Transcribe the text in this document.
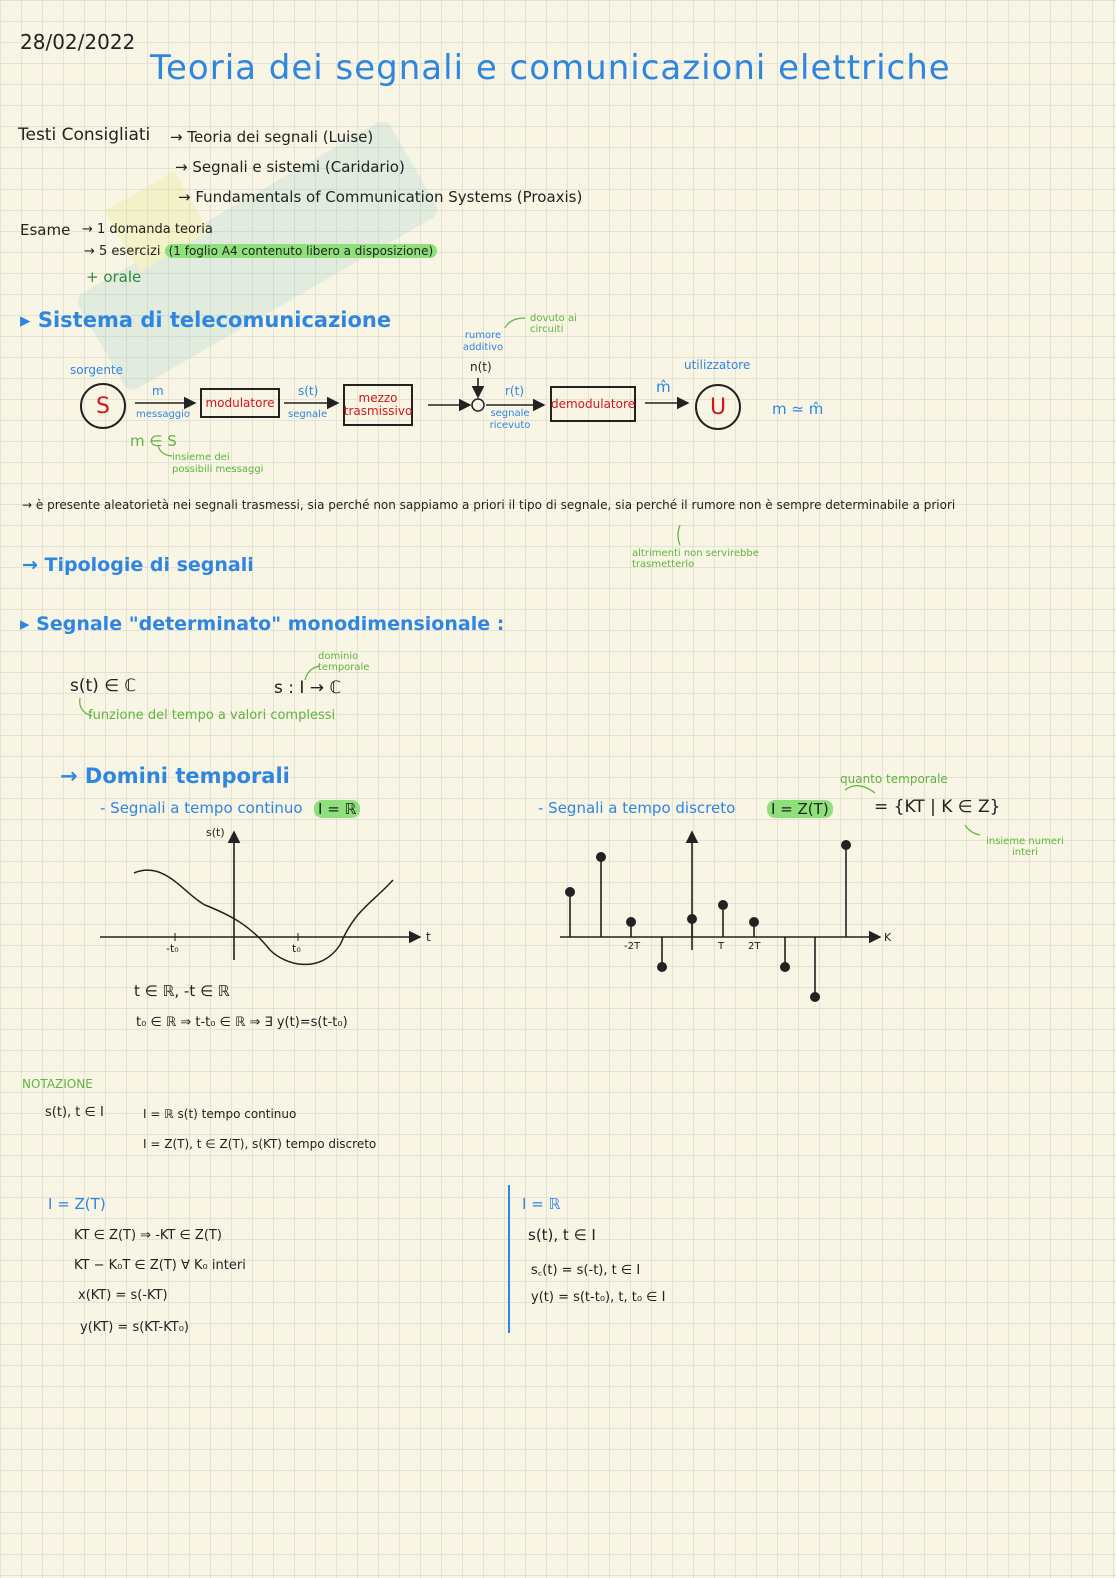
28/02/2022
Teoria dei segnali e comunicazioni elettriche
Testi Consigliati → Teoria dei segnali (Luise)
→ Segnali e sistemi (Caridario)
→ Fundamentals of Communication Systems (Proaxis)
Esame → 1 domanda teoria
→ 5 esercizi (1 foglio A4 contenuto libero a disposizione)
+ orale
▸ Sistema di telecomunicazione
sorgente
S
m
messaggio
m ∈ S
insieme dei possibili messaggi
modulatore
s(t)
segnale
mezzo trasmissivo
rumore additivo
dovuto ai circuiti
n(t)
r(t)
segnale ricevuto
demodulatore
m̂
utilizzatore
U	m ≃ m̂
→ è presente aleatorietà nei segnali trasmessi, sia perché non sappiamo a priori il tipo di segnale, sia perché il rumore non è sempre determinabile a priori
altrimenti non servirebbe trasmetterlo
→ Tipologie di segnali
▸ Segnale "determinato" monodimensionale :
s(t) ∈ ℂ	s : I → ℂ
dominio temporale
funzione del tempo a valori complessi
→ Domini temporali
- Segnali a tempo continuo I = ℝ	- Segnali a tempo discreto I = Z(T)	= {KT | K ∈ Z}
quanto temporale
insieme numeri interi
s(t)
t
-t₀	t₀
t ∈ ℝ, -t ∈ ℝ
t₀ ∈ ℝ ⇒ t-t₀ ∈ ℝ ⇒ ∃ y(t)=s(t-t₀)
K
-2T	T 2T
NOTAZIONE
s(t), t ∈ I	I = ℝ s(t) tempo continuo
I = Z(T), t ∈ Z(T), s(KT) tempo discreto
I = Z(T)
KT ∈ Z(T) ⇒ -KT ∈ Z(T)
KT − K₀T ∈ Z(T) ∀ K₀ interi
x(KT) = s(-KT)
y(KT) = s(KT-KT₀)
I = ℝ
s(t), t ∈ I
s꜀(t) = s(-t), t ∈ I
y(t) = s(t-t₀), t, t₀ ∈ I
